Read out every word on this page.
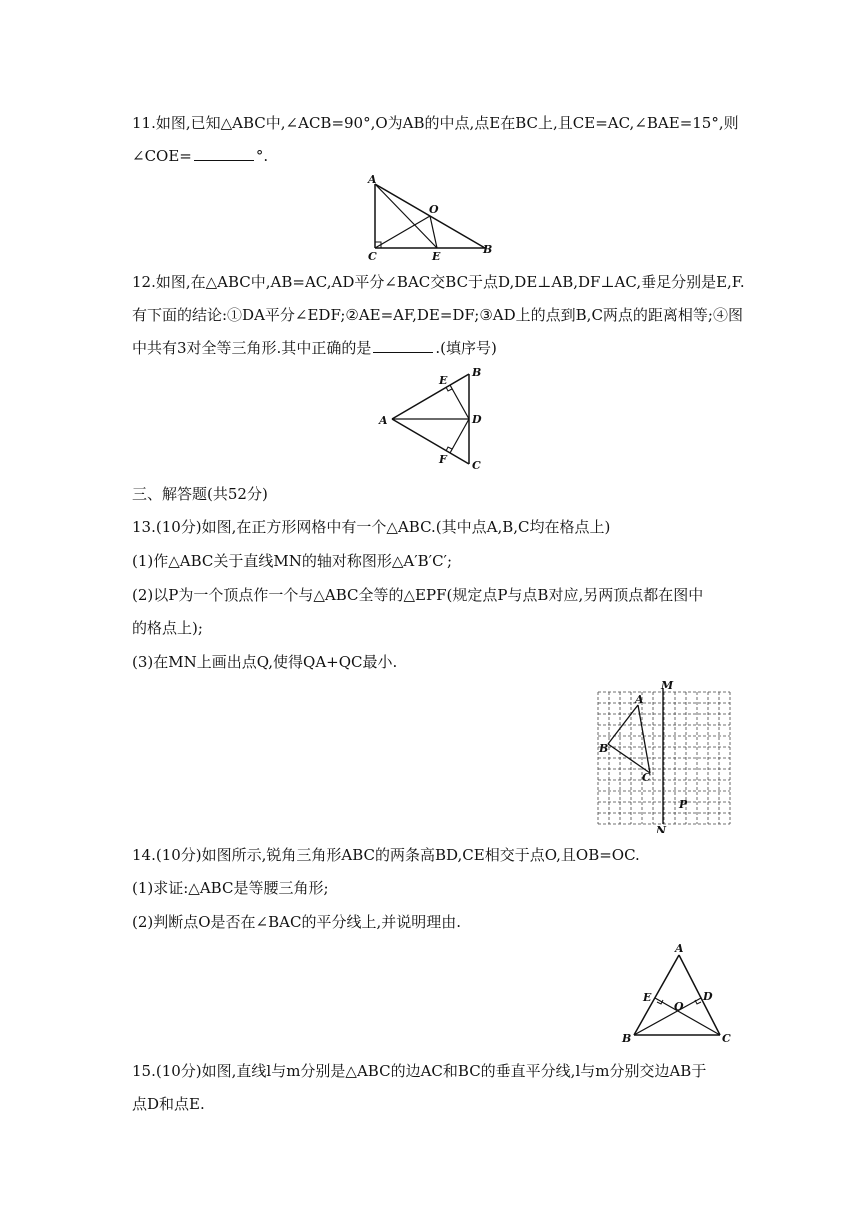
11.如图,已知△ABC中,∠ACB=90°,O为AB的中点,点E在BC上,且CE=AC,∠BAE=15°,则
∠COE=	°.
A
O
C	E
B
12.如图,在△ABC中,AB=AC,AD平分∠BAC交BC于点D,DE⊥AB,DF⊥AC,垂足分别是E,F.
有下面的结论:①DA平分∠EDF;②AE=AF,DE=DF;③AD上的点到B,C两点的距离相等;④图
中共有3对全等三角形.其中正确的是	.(填序号)
A
B
C
D
E
F
三、解答题(共52分)
13.(10分)如图,在正方形网格中有一个△ABC.(其中点A,B,C均在格点上)
(1)作△ABC关于直线MN的轴对称图形△A′B′C′;
(2)以P为一个顶点作一个与△ABC全等的△EPF(规定点P与点B对应,另两顶点都在图中
的格点上);
(3)在MN上画出点Q,使得QA+QC最小.
M
N
A
B
C
P
14.(10分)如图所示,锐角三角形ABC的两条高BD,CE相交于点O,且OB=OC.
(1)求证:△ABC是等腰三角形;
(2)判断点O是否在∠BAC的平分线上,并说明理由.
A
B	C
D
E
O
15.(10分)如图,直线l与m分别是△ABC的边AC和BC的垂直平分线,l与m分别交边AB于
点D和点E.
